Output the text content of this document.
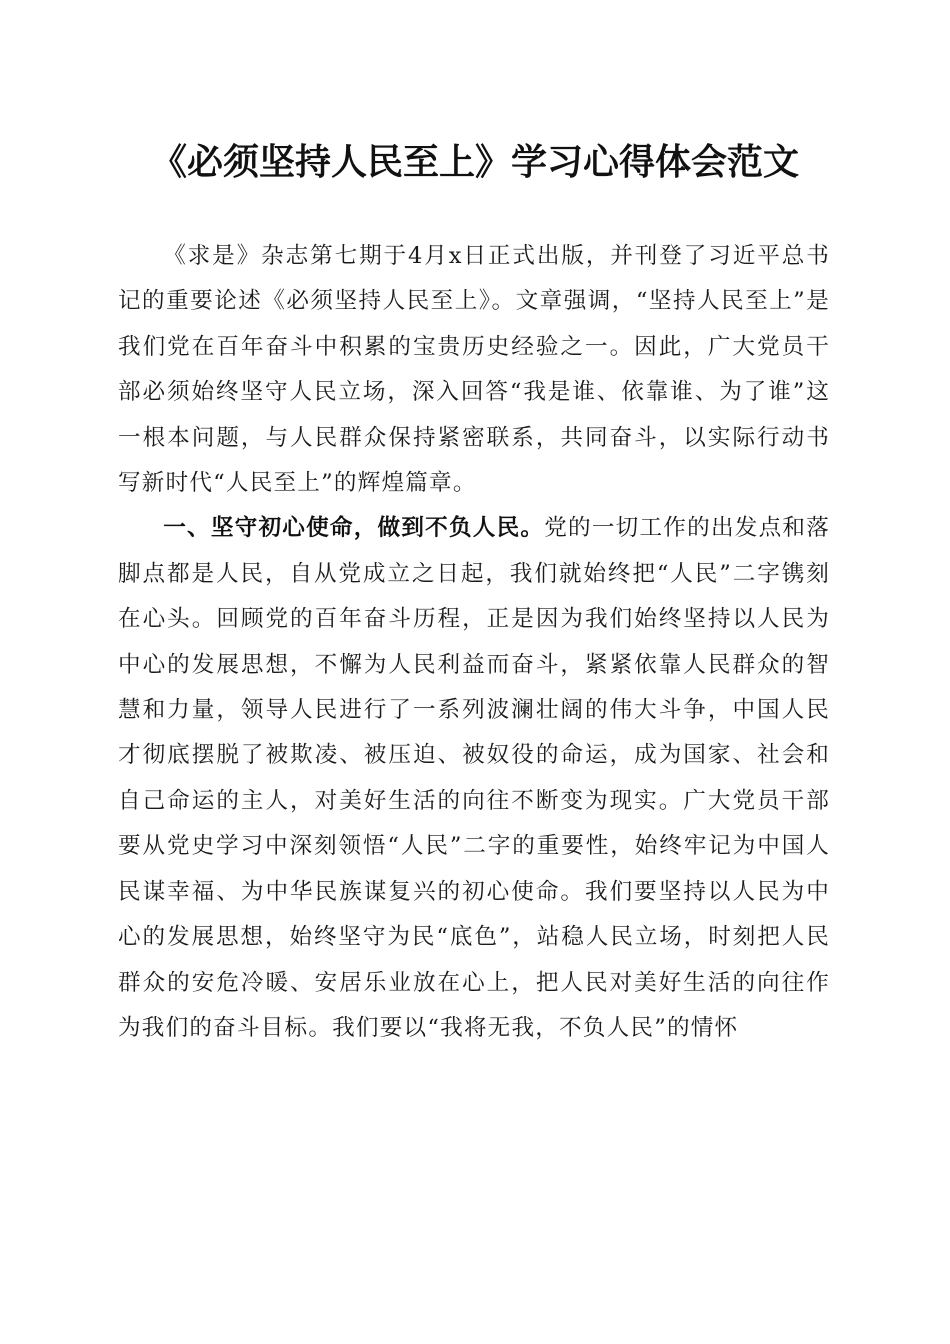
《必须坚持人民至上》学习心得体会范文

《求是》杂志第七期于4月x日正式出版，并刊登了习近平总书记的重要论述《必须坚持人民至上》。文章强调，“坚持人民至上”是我们党在百年奋斗中积累的宝贵历史经验之一。因此，广大党员干部必须始终坚守人民立场，深入回答“我是谁、依靠谁、为了谁”这一根本问题，与人民群众保持紧密联系，共同奋斗，以实际行动书写新时代“人民至上”的辉煌篇章。

一、坚守初心使命，做到不负人民。党的一切工作的出发点和落脚点都是人民，自从党成立之日起，我们就始终把“人民”二字镌刻在心头。回顾党的百年奋斗历程，正是因为我们始终坚持以人民为中心的发展思想，不懈为人民利益而奋斗，紧紧依靠人民群众的智慧和力量，领导人民进行了一系列波澜壮阔的伟大斗争，中国人民才彻底摆脱了被欺凌、被压迫、被奴役的命运，成为国家、社会和自己命运的主人，对美好生活的向往不断变为现实。广大党员干部要从党史学习中深刻领悟“人民”二字的重要性，始终牢记为中国人民谋幸福、为中华民族谋复兴的初心使命。我们要坚持以人民为中心的发展思想，始终坚守为民“底色”，站稳人民立场，时刻把人民群众的安危冷暖、安居乐业放在心上，把人民对美好生活的向往作为我们的奋斗目标。我们要以“我将无我，不负人民”的情怀
